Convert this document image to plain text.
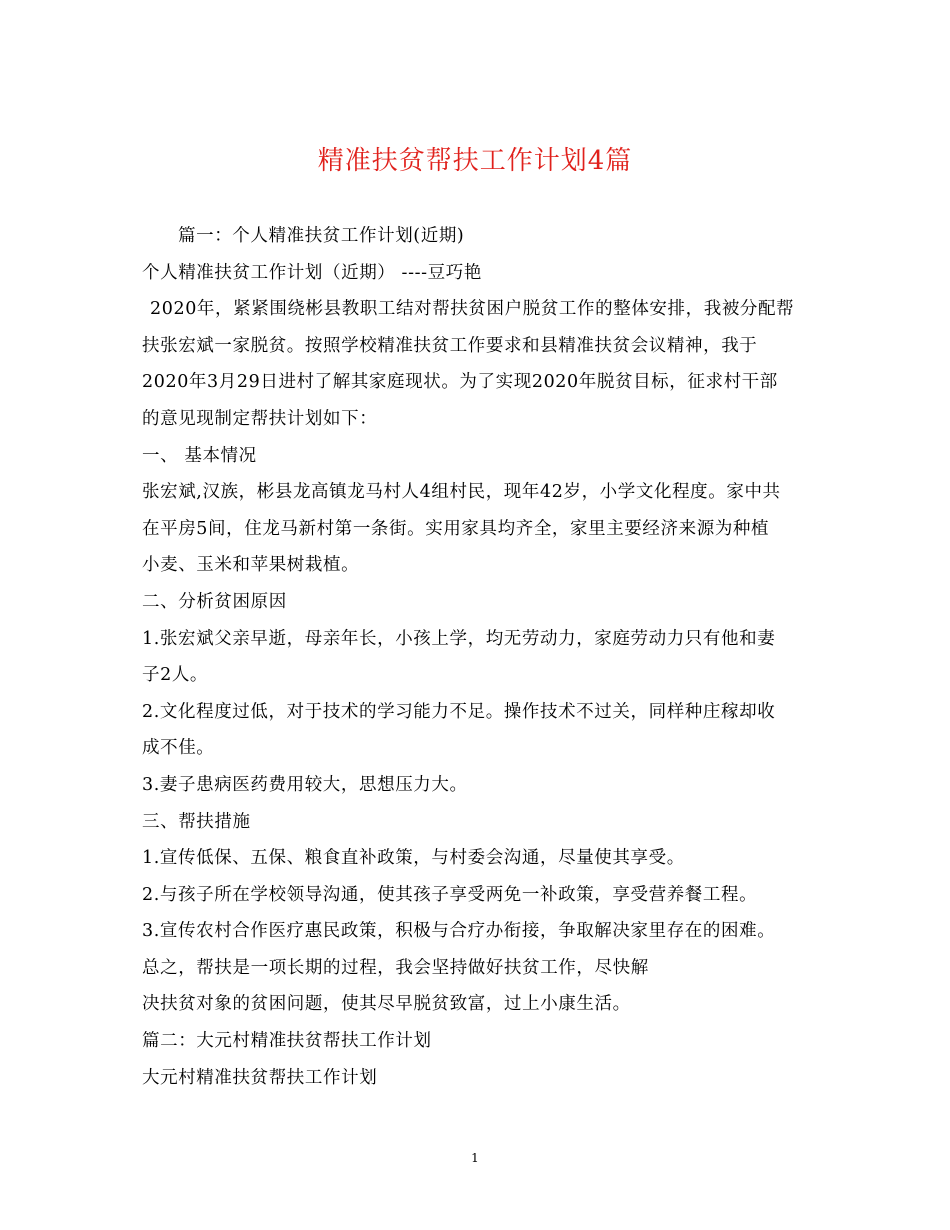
精准扶贫帮扶工作计划4篇
篇一：个人精准扶贫工作计划(近期)
个人精准扶贫工作计划（近期） ----豆巧艳
2020年，紧紧围绕彬县教职工结对帮扶贫困户脱贫工作的整体安排，我被分配帮
扶张宏斌一家脱贫。按照学校精准扶贫工作要求和县精准扶贫会议精神，我于
2020年3月29日进村了解其家庭现状。为了实现2020年脱贫目标，征求村干部
的意见现制定帮扶计划如下：
一、 基本情况
张宏斌,汉族，彬县龙高镇龙马村人4组村民，现年42岁，小学文化程度。家中共
在平房5间，住龙马新村第一条街。实用家具均齐全，家里主要经济来源为种植
小麦、玉米和苹果树栽植。
二、分析贫困原因
1.张宏斌父亲早逝，母亲年长，小孩上学，均无劳动力，家庭劳动力只有他和妻
子2人。
2.文化程度过低，对于技术的学习能力不足。操作技术不过关，同样种庄稼却收
成不佳。
3.妻子患病医药费用较大，思想压力大。
三、帮扶措施
1.宣传低保、五保、粮食直补政策，与村委会沟通，尽量使其享受。
2.与孩子所在学校领导沟通，使其孩子享受两免一补政策，享受营养餐工程。
3.宣传农村合作医疗惠民政策，积极与合疗办衔接，争取解决家里存在的困难。
总之，帮扶是一项长期的过程，我会坚持做好扶贫工作，尽快解
决扶贫对象的贫困问题，使其尽早脱贫致富，过上小康生活。
篇二：大元村精准扶贫帮扶工作计划
大元村精准扶贫帮扶工作计划
1
